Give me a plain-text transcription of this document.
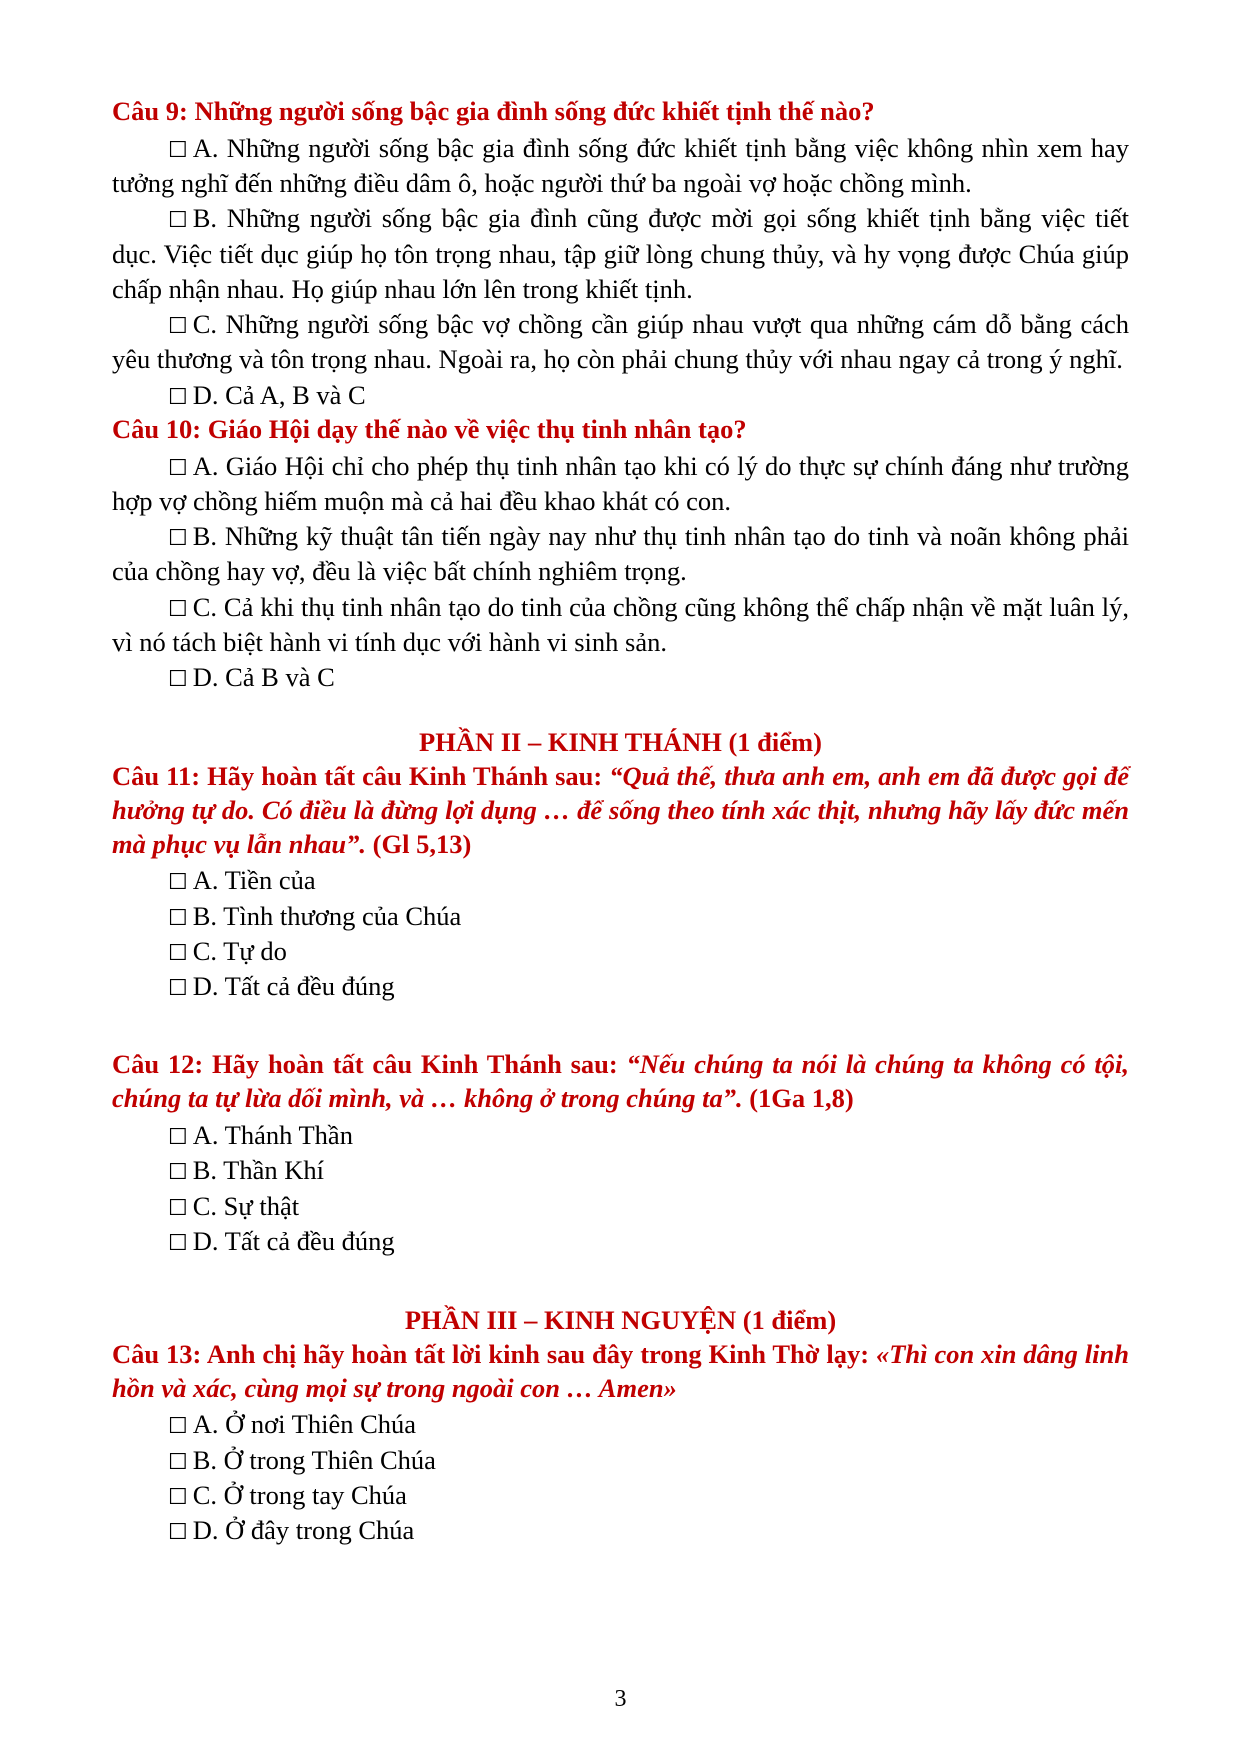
Câu 9: Những người sống bậc gia đình sống đức khiết tịnh thế nào?

☐ A. Những người sống bậc gia đình sống đức khiết tịnh bằng việc không nhìn xem hay tưởng nghĩ đến những điều dâm ô, hoặc người thứ ba ngoài vợ hoặc chồng mình.

☐ B. Những người sống bậc gia đình cũng được mời gọi sống khiết tịnh bằng việc tiết dục. Việc tiết dục giúp họ tôn trọng nhau, tập giữ lòng chung thủy, và hy vọng được Chúa giúp chấp nhận nhau. Họ giúp nhau lớn lên trong khiết tịnh.

☐ C. Những người sống bậc vợ chồng cần giúp nhau vượt qua những cám dỗ bằng cách yêu thương và tôn trọng nhau. Ngoài ra, họ còn phải chung thủy với nhau ngay cả trong ý nghĩ.

☐ D. Cả A, B và C

Câu 10: Giáo Hội dạy thế nào về việc thụ tinh nhân tạo?

☐ A. Giáo Hội chỉ cho phép thụ tinh nhân tạo khi có lý do thực sự chính đáng như trường hợp vợ chồng hiếm muộn mà cả hai đều khao khát có con.

☐ B. Những kỹ thuật tân tiến ngày nay như thụ tinh nhân tạo do tinh và noãn không phải của chồng hay vợ, đều là việc bất chính nghiêm trọng.

☐ C. Cả khi thụ tinh nhân tạo do tinh của chồng cũng không thể chấp nhận về mặt luân lý, vì nó tách biệt hành vi tính dục với hành vi sinh sản.

☐ D. Cả B và C

PHẦN II – KINH THÁNH (1 điểm)

Câu 11: Hãy hoàn tất câu Kinh Thánh sau: “Quả thế, thưa anh em, anh em đã được gọi để hưởng tự do. Có điều là đừng lợi dụng … để sống theo tính xác thịt, nhưng hãy lấy đức mến mà phục vụ lẫn nhau”. (Gl 5,13)

☐ A. Tiền của

☐ B. Tình thương của Chúa

☐ C. Tự do

☐ D. Tất cả đều đúng

Câu 12: Hãy hoàn tất câu Kinh Thánh sau: “Nếu chúng ta nói là chúng ta không có tội, chúng ta tự lừa dối mình, và … không ở trong chúng ta”. (1Ga 1,8)

☐ A. Thánh Thần

☐ B. Thần Khí

☐ C. Sự thật

☐ D. Tất cả đều đúng

PHẦN III – KINH NGUYỆN (1 điểm)

Câu 13: Anh chị hãy hoàn tất lời kinh sau đây trong Kinh Thờ lạy: «Thì con xin dâng linh hồn và xác, cùng mọi sự trong ngoài con … Amen»

☐ A. Ở nơi Thiên Chúa

☐ B. Ở trong Thiên Chúa

☐ C. Ở trong tay Chúa

☐ D. Ở đây trong Chúa

3
